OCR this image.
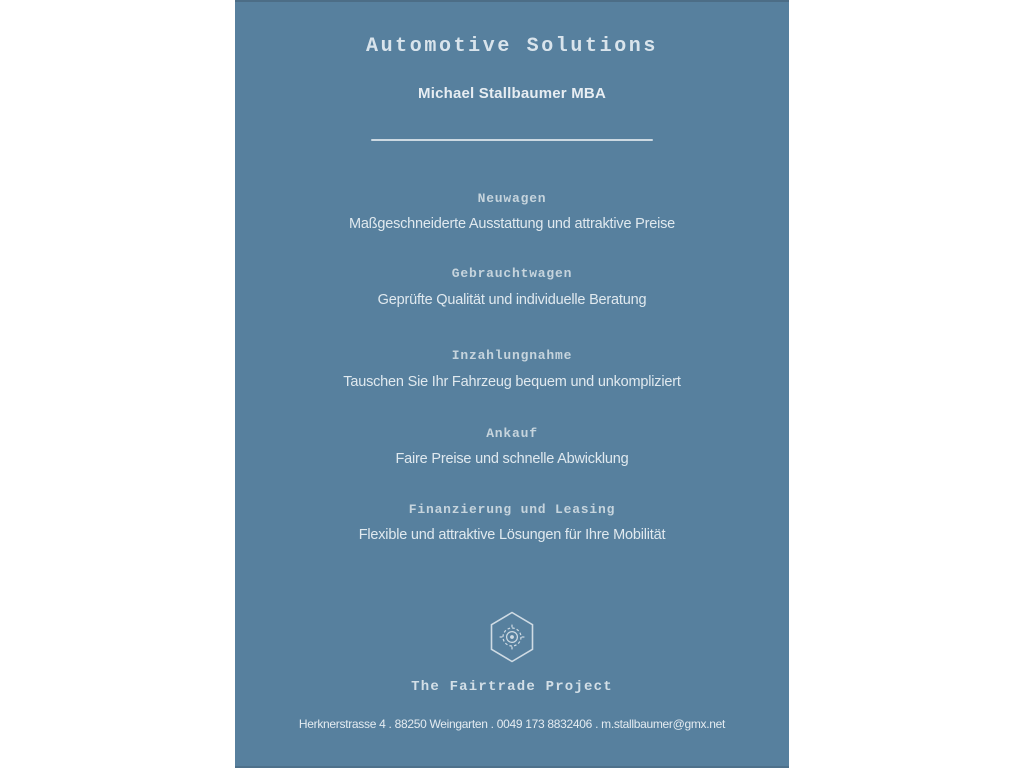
Automotive Solutions
Michael Stallbaumer MBA
Neuwagen
Maßgeschneiderte Ausstattung und attraktive Preise
Gebrauchtwagen
Geprüfte Qualität und individuelle Beratung
Inzahlungnahme
Tauschen Sie Ihr Fahrzeug bequem und unkompliziert
Ankauf
Faire Preise und schnelle Abwicklung
Finanzierung und Leasing
Flexible und attraktive Lösungen für Ihre Mobilität
The Fairtrade Project
Herknerstrasse 4 . 88250 Weingarten . 0049 173 8832406 . m.stallbaumer@gmx.net
